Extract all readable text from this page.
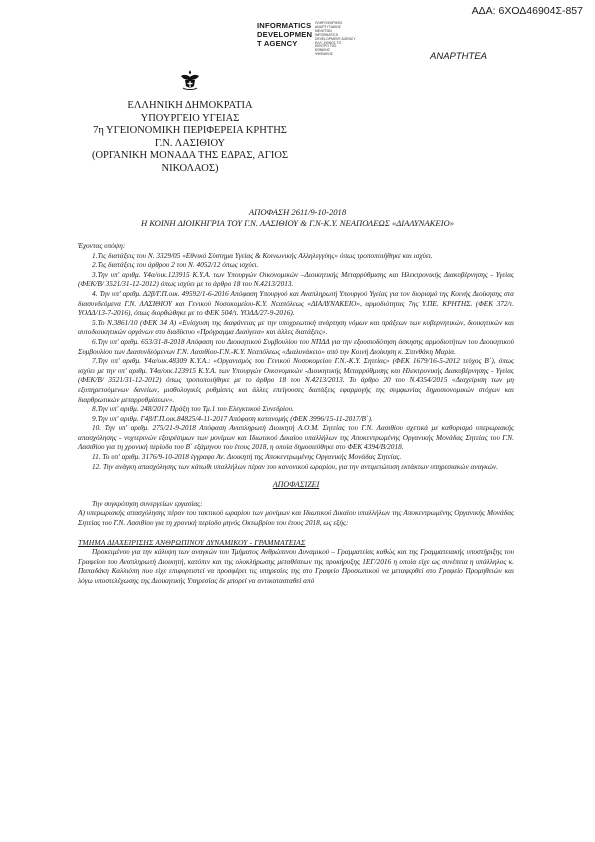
ΑΔΑ: 6ΧΟΔ46904Σ-857
INFORMATICS
DEVELOPMEN
T AGENCY
ΠΛΗΡΟΦΟΡΙΚΗΣ
ΑΝΑΠΤΥΞΙΑΚΗΣ
ΜΕΛΕΤΩΝ
INFORMATICS
DEVELOPMENT AGENCY
ΕΛΛ. ΕΘΝΟΣ ΤΟ
ΚΕΝΤΡΟ ΤΗΣ
ΕΘΝΙΚΗΣ
ΨΗΦΙΑΚΗΣ	ΑΝΑΡΤΗΤΕΑ
ΕΛΛΗΝΙΚΗ ΔΗΜΟΚΡΑΤΙΑ
ΥΠΟΥΡΓΕΙΟ ΥΓΕΙΑΣ
7η ΥΓΕΙΟΝΟΜΙΚΗ ΠΕΡΙΦΕΡΕΙΑ ΚΡΗΤΗΣ
Γ.Ν. ΛΑΣΙΘΙΟΥ
(ΟΡΓΑΝΙΚΗ ΜΟΝΑΔΑ ΤΗΣ ΕΔΡΑΣ, ΑΓΙΟΣ
ΝΙΚΟΛΑΟΣ)
ΑΠΟΦΑΣΗ 2611/9-10-2018
Η ΚΟΙΝΗ ΔΙΟΙΚΗΓΡΙΑ ΤΟΥ Γ.Ν. ΛΑΣΙΘΙΟΥ & Γ.Ν-Κ.Υ. ΝΕΑΠΟΛΕΩΣ «ΔΙΑΛΥΝΑΚΕΙΟ»

Έχοντας υπόψη:

1.Τις διατάξεις του Ν. 3329/05 «Εθνικό Σύστημα Υγείας & Κοινωνικής Αλληλεγγύης» όπως τροποποιήθηκε και ισχύει.

2.Τις διατάξεις του άρθρου 2 του Ν. 4052/12 όπως ισχύει.

3.Την υπ' αριθμ. Υ4α/οικ.123915 Κ.Υ.Α. των Υπουργών Οικονομικών –Διοικητικής Μεταρρύθμισης και Ηλεκτρονικής Διακυβέρνησης - Υγείας (ΦΕΚ/Β/ 3521/31-12-2012) όπως ισχύει με το άρθρο 18 του Ν.4213/2013.

4. Την υπ' αριθμ. Δ2β/Γ.Π.οικ. 49592/1-6-2016 Απόφαση Υπουργού και Αναπληρωτή Υπουργού Υγείας για τον διορισμό της Κοινής Διοίκησης στα διασυνδεόμενα Γ.Ν. ΛΑΣΙΘΙΟΥ και Γενικού Νοσοκομείου-Κ.Υ. Νεαπόλεως «ΔΙΑΛΥΝΑΚΕΙΟ», αρμοδιότητας 7ης Υ.ΠΕ. ΚΡΗΤΗΣ. (ΦΕΚ 372/τ. ΥΟΔΔ/13-7-2016), όπως διορθώθηκε με το ΦΕΚ 504/τ. ΥΟΔΔ/27-9-2016).

5.Το Ν.3861/10 (ΦΕΚ 34 Α) «Ενίσχυση της διαφάνειας με την υποχρεωτική ανάρτηση νόμων και πράξεων των κυβερνητικών, διοικητικών και αυτοδιοικητικών οργάνων στο διαδίκτυο «Πρόγραμμα Διαύγεια» και άλλες διατάξεις».

6.Την υπ' αριθμ. 653/31-8-2018 Απόφαση του Διοικητικού Συμβουλίου του ΝΠΔΔ για την εξουσιοδότηση άσκησης αρμοδιοτήτων του Διοικητικού Συμβουλίου των Διασυνδεόμενων Γ.Ν. Λασιθίου-Γ.Ν.-Κ.Υ. Νεαπόλεως «Διαλυνάκειο» από την Κοινή Διοίκηση κ. Σπινθάκη Μαρία.

7.Την υπ' αριθμ. Υ4α/οικ.48309 Κ.Υ.Α.: «Οργανισμός του Γενικού Νοσοκομείου Γ.Ν.-Κ.Υ. Σητείας» (ΦΕΚ 1679/16-5-2012 τεύχος Β΄), όπως ισχύει με την υπ' αριθμ. Υ4α/οικ.123915 Κ.Υ.Α. των Υπουργών Οικονομικών -Διοικητικής Μεταρρύθμισης και Ηλεκτρονικής Διακυβέρνησης - Υγείας (ΦΕΚ/Β/ 3521/31-12-2012) όπως τροποποιήθηκε με το άρθρο 18 του Ν.4213/2013. Το άρθρο 20 του Ν.4354/2015 «Διαχείριση των μη εξυπηρετούμενων δανείων, μισθολογικές ρυθμίσεις και άλλες επείγουσες διατάξεις εφαρμογής της συμφωνίας δημοσιονομικών στόχων και διαρθρωτικών μεταρρυθμίσεων».

8.Την υπ' αριθμ. 248/2017 Πράξη του Τμ.1 του Ελεγκτικού Συνεδρίου.

9.Την υπ' αριθμ. Γ4β/Γ.Π.οικ.84825/4-11-2017 Απόφαση κατανομής (ΦΕΚ 3996/15-11-2017/Β΄).

10. Την υπ' αριθμ. 275/21-9-2018 Απόφαση Αναπληρωτή Διοικητή Α.Ο.Μ. Σητείας του Γ.Ν. Λασιθίου σχετικά με καθορισμό υπερωριακής απασχόλησης - νυχτερινών εξαιρέσιμων των μονίμων και Ιδιωτικού Δικαίου υπαλλήλων της Αποκεντρωμένης Οργανικής Μονάδας Σητείας του Γ.Ν. Λασιθίου για τη χρονική περίοδο του Β΄ εξάμηνου του έτους 2018, η οποία δημοσιεύθηκε στο ΦΕΚ 4394/Β/2018.

11. Το υπ' αριθμ. 3176/9-10-2018 έγγραφο Αν. Διοικητή της Αποκεντρωμένης Οργανικής Μονάδας Σητείας.

12. Την ανάγκη απασχόλησης των κάτωθι υπαλλήλων πέραν του κανονικού ωραρίου, για την αντιμετώπιση εκτάκτων υπηρεσιακών αναγκών.

ΑΠΟΦΑΣΙΖΕΙ

Την συγκρότηση συνεργείων εργασίας:

Α) υπερωριακής απασχόλησης πέραν του τακτικού ωραρίου των μονίμων και Ιδιωτικού Δικαίου υπαλλήλων της Αποκεντρωμένης Οργανικής Μονάδας Σητείας του Γ.Ν. Λασιθίου για τη χρονική περίοδο μηνός Οκτωβρίου του έτους 2018, ως εξής:

ΤΜΗΜΑ ΔΙΑΧΕΙΡΙΣΗΣ ΑΝΘΡΩΠΙΝΟΥ ΔΥΝΑΜΙΚΟΥ - ΓΡΑΜΜΑΤΕΙΑΣ

Προκειμένου για την κάλυψη των αναγκών του Τμήματος Ανθρώπινου Δυναμικού – Γραμματείας καθώς και της Γραμματειακής υποστήριξης του Γραφείου του Αναπληρωτή Διοικητή, κατόπιν και της ολοκλήρωσης μεταθέσεων της προκήρυξης 1ΕΓ/2016 η οποία είχε ως συνέπεια η υπάλληλος κ. Παπαδάκη Καλλιόπη που είχε επιφορτιστεί να προσφέρει τις υπηρεσίες της στο Γραφείο Προσωπικού να μεταφερθεί στο Γραφείο Προμηθειών και λόγω υποστελέχωσης της Διοικητικής Υπηρεσίας δε μπορεί να αντικατασταθεί από
